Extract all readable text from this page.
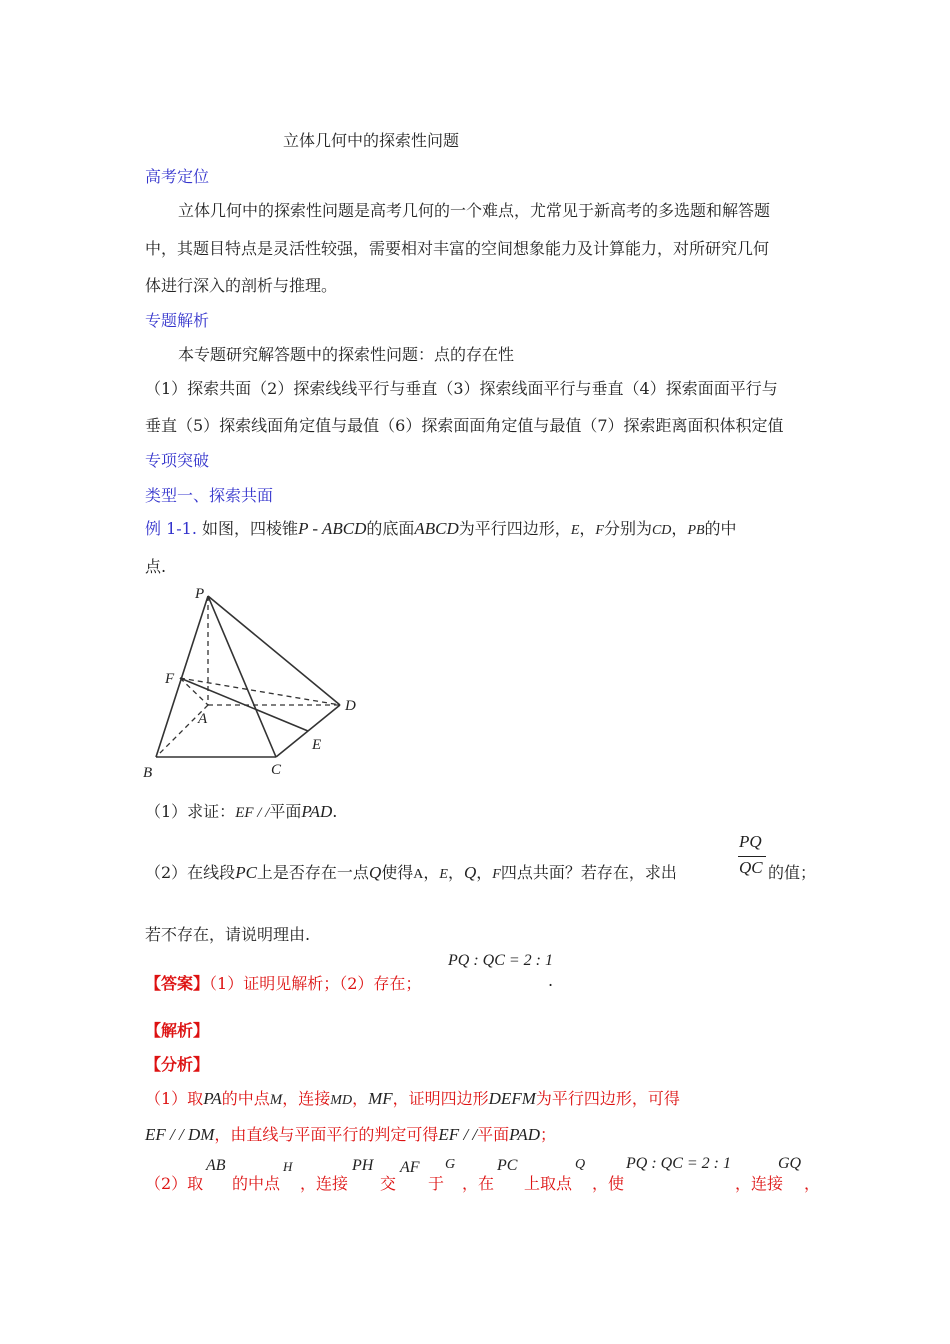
立体几何中的探索性问题
高考定位
立体几何中的探索性问题是高考几何的一个难点，尤常见于新高考的多选题和解答题
中，其题目特点是灵活性较强，需要相对丰富的空间想象能力及计算能力，对所研究几何
体进行深入的剖析与推理。
专题解析
本专题研究解答题中的探索性问题：点的存在性
（1）探索共面（2）探索线线平行与垂直（3）探索线面平行与垂直（4）探索面面平行与
垂直（5）探索线面角定值与最值（6）探索面面角定值与最值（7）探索距离面积体积定值
专项突破
类型一、探索共面
例 1-1. 如图，四棱锥P - ABCD的底面ABCD为平行四边形，E，F分别为CD，PB的中
点.
P
F
A
D
E
B	C
（1）求证：EF / /平面PAD.
（2）在线段PC上是否存在一点Q使得A，E，Q，F四点共面？若存在，求出
PQ
QC 的值；
若不存在，请说明理由.
【答案】（1）证明见解析；（2）存在；
PQ : QC = 2 : 1
.
【解析】
【分析】
（1）取PA的中点M，连接MD，MF，证明四边形DEFM为平行四边形，可得
EF / / DM，由直线与平面平行的判定可得EF / /平面PAD；
（2）取
AB
的中点
H
，连接
PH
交
AF
于
G
，在
PC
上取点
Q
，使
PQ : QC = 2 : 1
，连接
GQ
，
